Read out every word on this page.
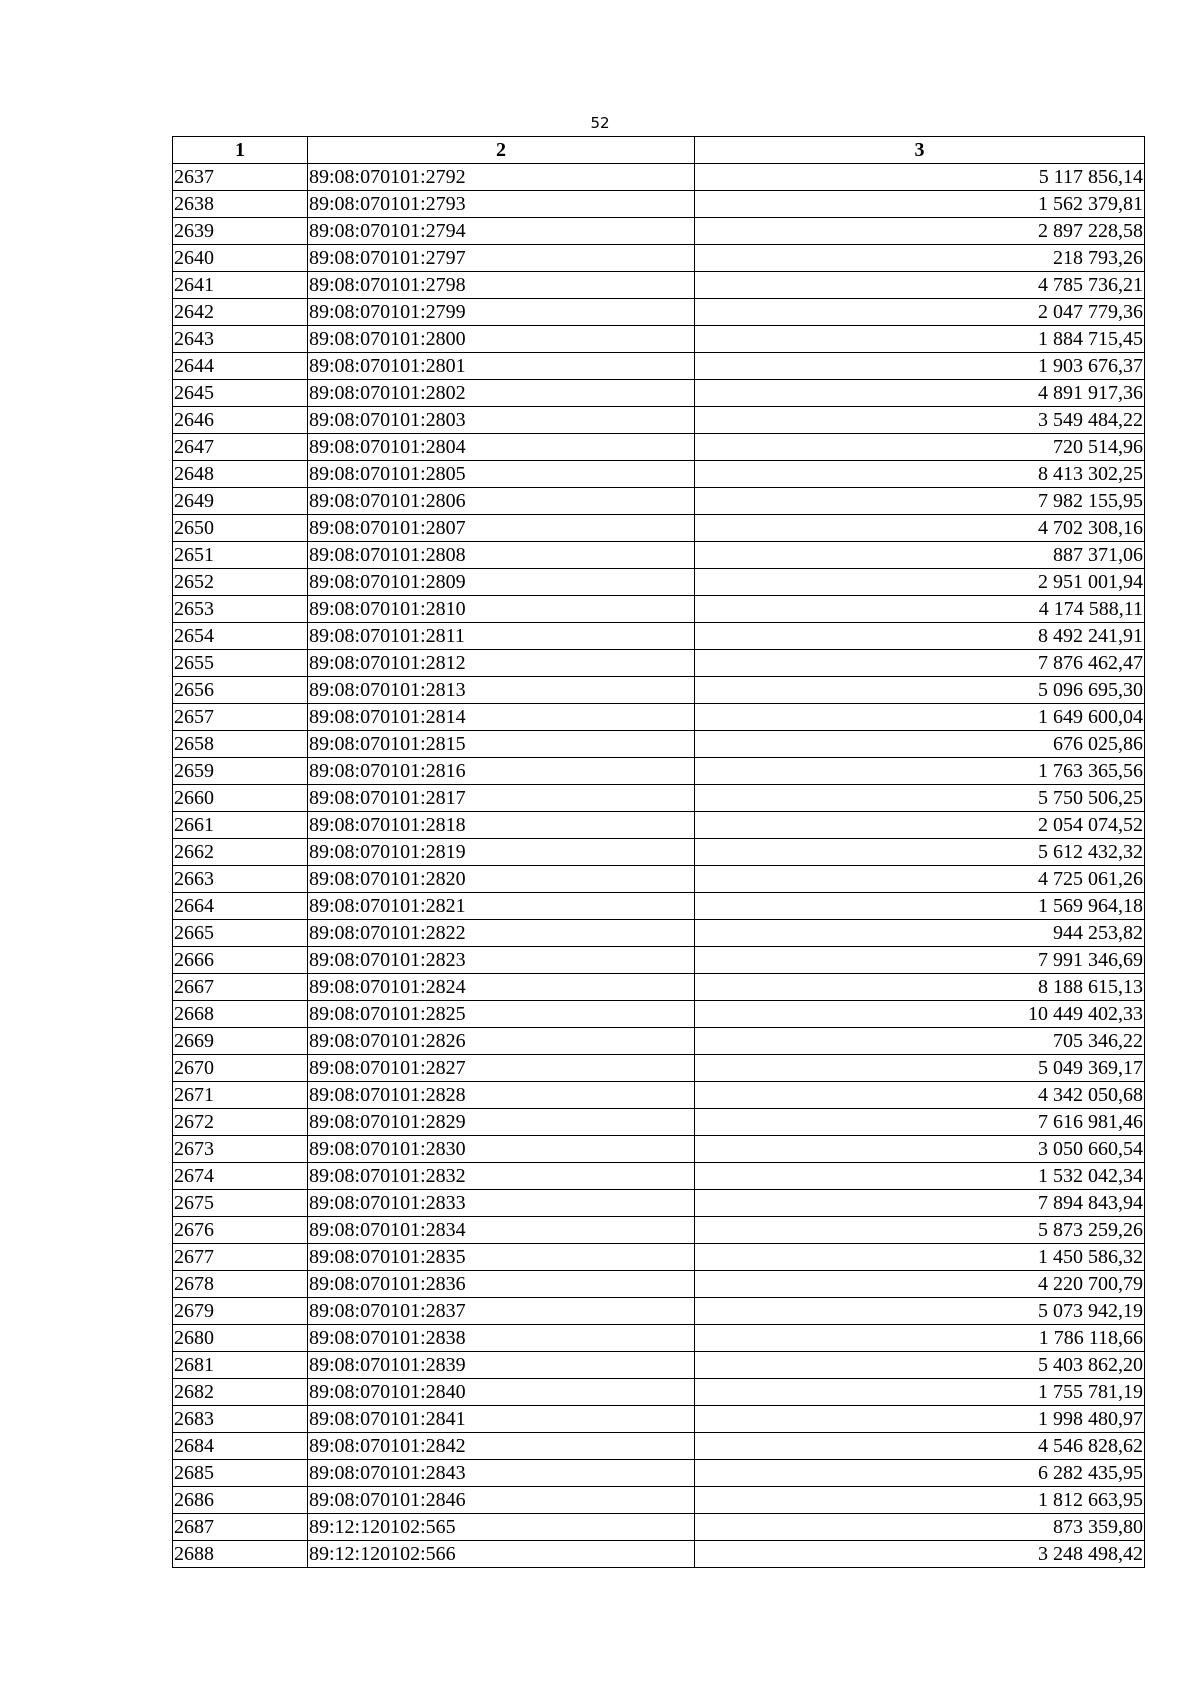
52
1	2	3
2637	89:08:070101:2792	5 117 856,14
2638	89:08:070101:2793	1 562 379,81
2639	89:08:070101:2794	2 897 228,58
2640	89:08:070101:2797	218 793,26
2641	89:08:070101:2798	4 785 736,21
2642	89:08:070101:2799	2 047 779,36
2643	89:08:070101:2800	1 884 715,45
2644	89:08:070101:2801	1 903 676,37
2645	89:08:070101:2802	4 891 917,36
2646	89:08:070101:2803	3 549 484,22
2647	89:08:070101:2804	720 514,96
2648	89:08:070101:2805	8 413 302,25
2649	89:08:070101:2806	7 982 155,95
2650	89:08:070101:2807	4 702 308,16
2651	89:08:070101:2808	887 371,06
2652	89:08:070101:2809	2 951 001,94
2653	89:08:070101:2810	4 174 588,11
2654	89:08:070101:2811	8 492 241,91
2655	89:08:070101:2812	7 876 462,47
2656	89:08:070101:2813	5 096 695,30
2657	89:08:070101:2814	1 649 600,04
2658	89:08:070101:2815	676 025,86
2659	89:08:070101:2816	1 763 365,56
2660	89:08:070101:2817	5 750 506,25
2661	89:08:070101:2818	2 054 074,52
2662	89:08:070101:2819	5 612 432,32
2663	89:08:070101:2820	4 725 061,26
2664	89:08:070101:2821	1 569 964,18
2665	89:08:070101:2822	944 253,82
2666	89:08:070101:2823	7 991 346,69
2667	89:08:070101:2824	8 188 615,13
2668	89:08:070101:2825	10 449 402,33
2669	89:08:070101:2826	705 346,22
2670	89:08:070101:2827	5 049 369,17
2671	89:08:070101:2828	4 342 050,68
2672	89:08:070101:2829	7 616 981,46
2673	89:08:070101:2830	3 050 660,54
2674	89:08:070101:2832	1 532 042,34
2675	89:08:070101:2833	7 894 843,94
2676	89:08:070101:2834	5 873 259,26
2677	89:08:070101:2835	1 450 586,32
2678	89:08:070101:2836	4 220 700,79
2679	89:08:070101:2837	5 073 942,19
2680	89:08:070101:2838	1 786 118,66
2681	89:08:070101:2839	5 403 862,20
2682	89:08:070101:2840	1 755 781,19
2683	89:08:070101:2841	1 998 480,97
2684	89:08:070101:2842	4 546 828,62
2685	89:08:070101:2843	6 282 435,95
2686	89:08:070101:2846	1 812 663,95
2687	89:12:120102:565	873 359,80
2688	89:12:120102:566	3 248 498,42
